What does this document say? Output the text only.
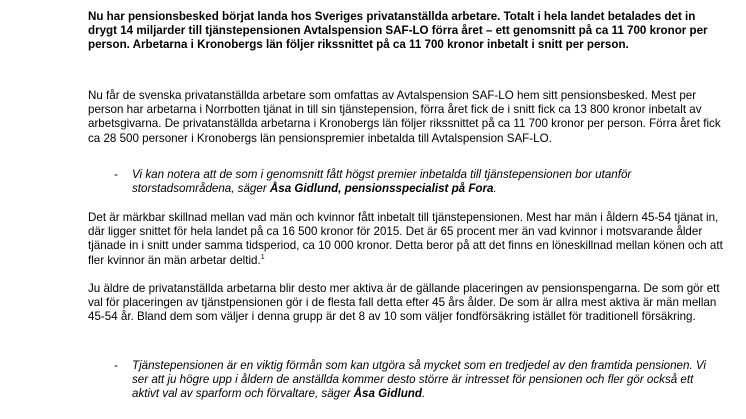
Nu har pensionsbesked börjat landa hos Sveriges privatanställda arbetare. Totalt i hela landet betalades det in drygt 14 miljarder till tjänstepensionen Avtalspension SAF-LO förra året – ett genomsnitt på ca 11 700 kronor per person. Arbetarna i Kronobergs län följer rikssnittet på ca 11 700 kronor inbetalt i snitt per person.

Nu får de svenska privatanställda arbetare som omfattas av Avtalspension SAF-LO hem sitt pensionsbesked. Mest per person har arbetarna i Norrbotten tjänat in till sin tjänstepension, förra året fick de i snitt fick ca 13 800 kronor inbetalt av arbetsgivarna. De privatanställda arbetarna i Kronobergs län följer rikssnittet på ca 11 700 kronor per person. Förra året fick ca 28 500 personer i Kronobergs län pensionspremier inbetalda till Avtalspension SAF-LO.

- Vi kan notera att de som i genomsnitt fått högst premier inbetalda till tjänstepensionen bor utanför storstadsområdena, säger Åsa Gidlund, pensionsspecialist på Fora.

Det är märkbar skillnad mellan vad män och kvinnor fått inbetalt till tjänstepensionen. Mest har män i åldern 45-54 tjänat in, där ligger snittet för hela landet på ca 16 500 kronor för 2015. Det är 65 procent mer än vad kvinnor i motsvarande ålder tjänade in i snitt under samma tidsperiod, ca 10 000 kronor. Detta beror på att det finns en löneskillnad mellan könen och att fler kvinnor än män arbetar deltid.$^1$

Ju äldre de privatanställda arbetarna blir desto mer aktiva är de gällande placeringen av pensionspengarna. De som gör ett val för placeringen av tjänstpensionen gör i de flesta fall detta efter 45 års ålder. De som är allra mest aktiva är män mellan 45-54 år. Bland dem som väljer i denna grupp är det 8 av 10 som väljer fondförsäkring istället för traditionell försäkring.

- Tjänstepensionen är en viktig förmån som kan utgöra så mycket som en tredjedel av den framtida pensionen. Vi ser att ju högre upp i åldern de anställda kommer desto större är intresset för pensionen och fler gör också ett aktivt val av sparform och förvaltare, säger Åsa Gidlund.
